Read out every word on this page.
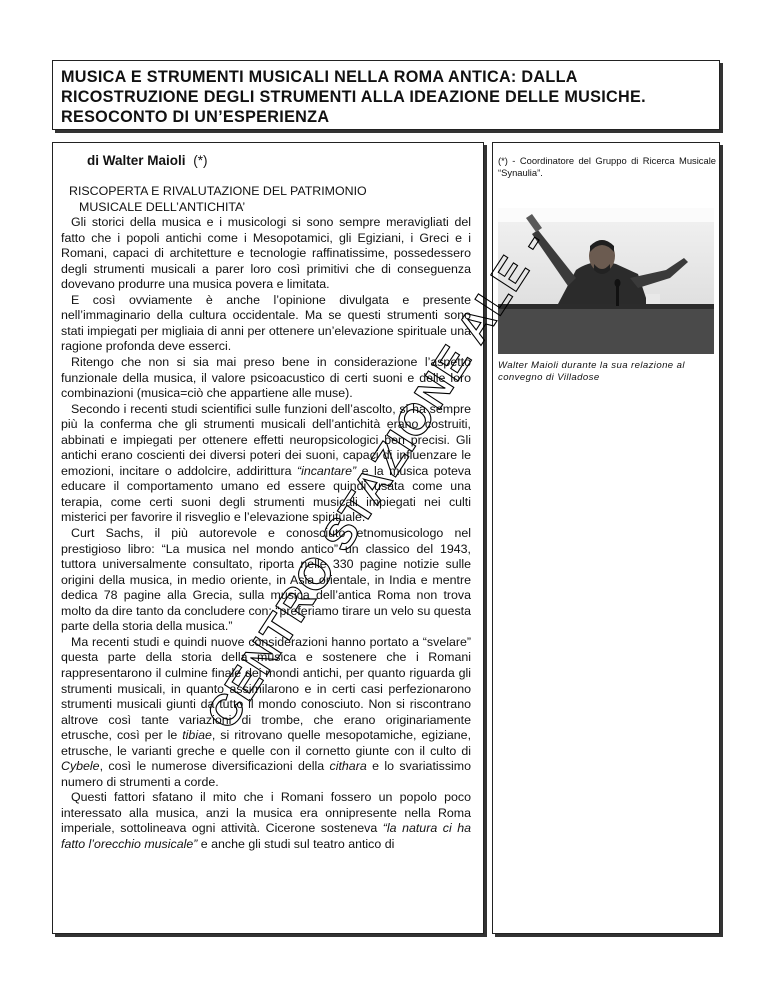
MUSICA E STRUMENTI MUSICALI NELLA ROMA ANTICA: DALLA RICOSTRUZIONE DEGLI STRUMENTI ALLA IDEAZIONE DELLE MUSICHE. RESOCONTO DI UN’ESPERIENZA
di Walter Maioli (*)

RISCOPERTA E RIVALUTAZIONE DEL PATRIMONIO
MUSICALE DELL’ANTICHITA’

Gli storici della musica e i musicologi si sono sempre meravigliati del fatto che i popoli antichi come i Mesopotamici, gli Egiziani, i Greci e i Romani, capaci di architetture e tecnologie raffinatissime, possedessero degli strumenti musicali a parer loro così primitivi che di conseguenza dovevano produrre una musica povera e limitata.

E così ovviamente è anche l’opinione divulgata e presente nell’immaginario della cultura occidentale. Ma se questi strumenti sono stati impiegati per migliaia di anni per ottenere un’elevazione spirituale una ragione profonda deve esserci.

Ritengo che non si sia mai preso bene in considerazione l’aspetto funzionale della musica, il valore psicoacustico di certi suoni e delle loro combinazioni (musica=ciò che appartiene alle muse).

Secondo i recenti studi scientifici sulle funzioni dell’ascolto, si ha sempre più la conferma che gli strumenti musicali dell’antichità erano costruiti, abbinati e impiegati per ottenere effetti neuropsicologici ben precisi. Gli antichi erano coscienti dei diversi poteri dei suoni, capaci di influenzare le emozioni, incitare o addolcire, addirittura “incantare” e la musica poteva educare il comportamento umano ed essere quindi usata come una terapia, come certi suoni degli strumenti musicali impiegati nei culti misterici per favorire il risveglio e l’elevazione spirituale.

Curt Sachs, il più autorevole e conosciuto etnomusicologo nel prestigioso libro: “La musica nel mondo antico” un classico del 1943, tuttora universalmente consultato, riporta nelle 330 pagine notizie sulle origini della musica, in medio oriente, in Asia orientale, in India e mentre dedica 78 pagine alla Grecia, sulla musica dell’antica Roma non trova molto da dire tanto da concludere con: “preferiamo tirare un velo su questa parte della storia della musica.”

Ma recenti studi e quindi nuove considerazioni hanno portato a “svelare” questa parte della storia della musica e sostenere che i Romani rappresentarono il culmine finale dei mondi antichi, per quanto riguarda gli strumenti musicali, in quanto assimilarono e in certi casi perfezionarono strumenti musicali giunti da tutto il mondo conosciuto. Non si riscontrano altrove così tante variazioni di trombe, che erano originariamente etrusche, così per le tibiae, si ritrovano quelle mesopotamiche, egiziane, etrusche, le varianti greche e quelle con il cornetto giunte con il culto di Cybele, così le numerose diversificazioni della cithara e lo svariatissimo numero di strumenti a corde.

Questi fattori sfatano il mito che i Romani fossero un popolo poco interessato alla musica, anzi la musica era onnipresente nella Roma imperiale, sottolineava ogni attività. Cicerone sosteneva “la natura ci ha fatto l’orecchio musicale” e anche gli studi sul teatro antico di

(*) - Coordinatore del Gruppo di Ricerca Musicale “Synaulia”.
Walter Maioli durante la sua relazione al convegno di Villadose
CENTRO STAZIONE ALE -
